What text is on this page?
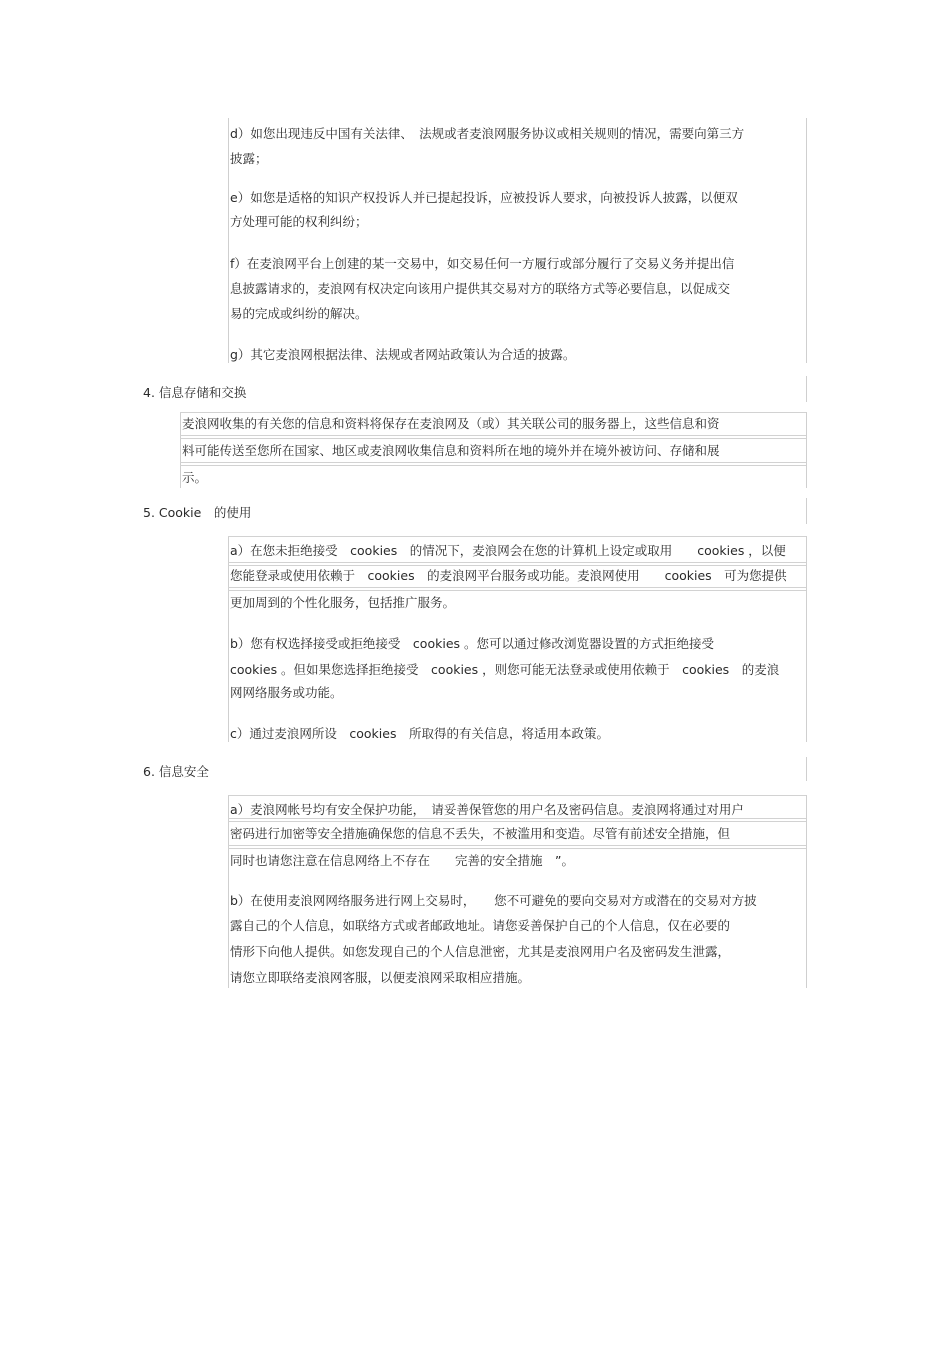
d）如您出现违反中国有关法律、　法规或者麦浪网服务协议或相关规则的情况，需要向第三方
披露；
e）如您是适格的知识产权投诉人并已提起投诉，应被投诉人要求，向被投诉人披露，以便双
方处理可能的权利纠纷；
f）在麦浪网平台上创建的某一交易中，如交易任何一方履行或部分履行了交易义务并提出信
息披露请求的，麦浪网有权决定向该用户提供其交易对方的联络方式等必要信息，以促成交
易的完成或纠纷的解决。
g）其它麦浪网根据法律、法规或者网站政策认为合适的披露。
4. 信息存储和交换
麦浪网收集的有关您的信息和资料将保存在麦浪网及（或）其关联公司的服务器上，这些信息和资
料可能传送至您所在国家、地区或麦浪网收集信息和资料所在地的境外并在境外被访问、存储和展
示。
5. Cookie　的使用
a）在您未拒绝接受　cookies　的情况下，麦浪网会在您的计算机上设定或取用　　cookies ，以便
您能登录或使用依赖于　cookies　的麦浪网平台服务或功能。麦浪网使用　　cookies　可为您提供
更加周到的个性化服务，包括推广服务。
b）您有权选择接受或拒绝接受　cookies 。您可以通过修改浏览器设置的方式拒绝接受
cookies 。但如果您选择拒绝接受　cookies ，则您可能无法登录或使用依赖于　cookies　的麦浪
网网络服务或功能。
c）通过麦浪网所设　cookies　所取得的有关信息，将适用本政策。
6. 信息安全
a）麦浪网帐号均有安全保护功能，　请妥善保管您的用户名及密码信息。麦浪网将通过对用户
密码进行加密等安全措施确保您的信息不丢失，不被滥用和变造。尽管有前述安全措施，但
同时也请您注意在信息网络上不存在　　完善的安全措施　”。
b）在使用麦浪网网络服务进行网上交易时，　　您不可避免的要向交易对方或潜在的交易对方披
露自己的个人信息，如联络方式或者邮政地址。请您妥善保护自己的个人信息，仅在必要的
情形下向他人提供。如您发现自己的个人信息泄密，尤其是麦浪网用户名及密码发生泄露，
请您立即联络麦浪网客服，以便麦浪网采取相应措施。
